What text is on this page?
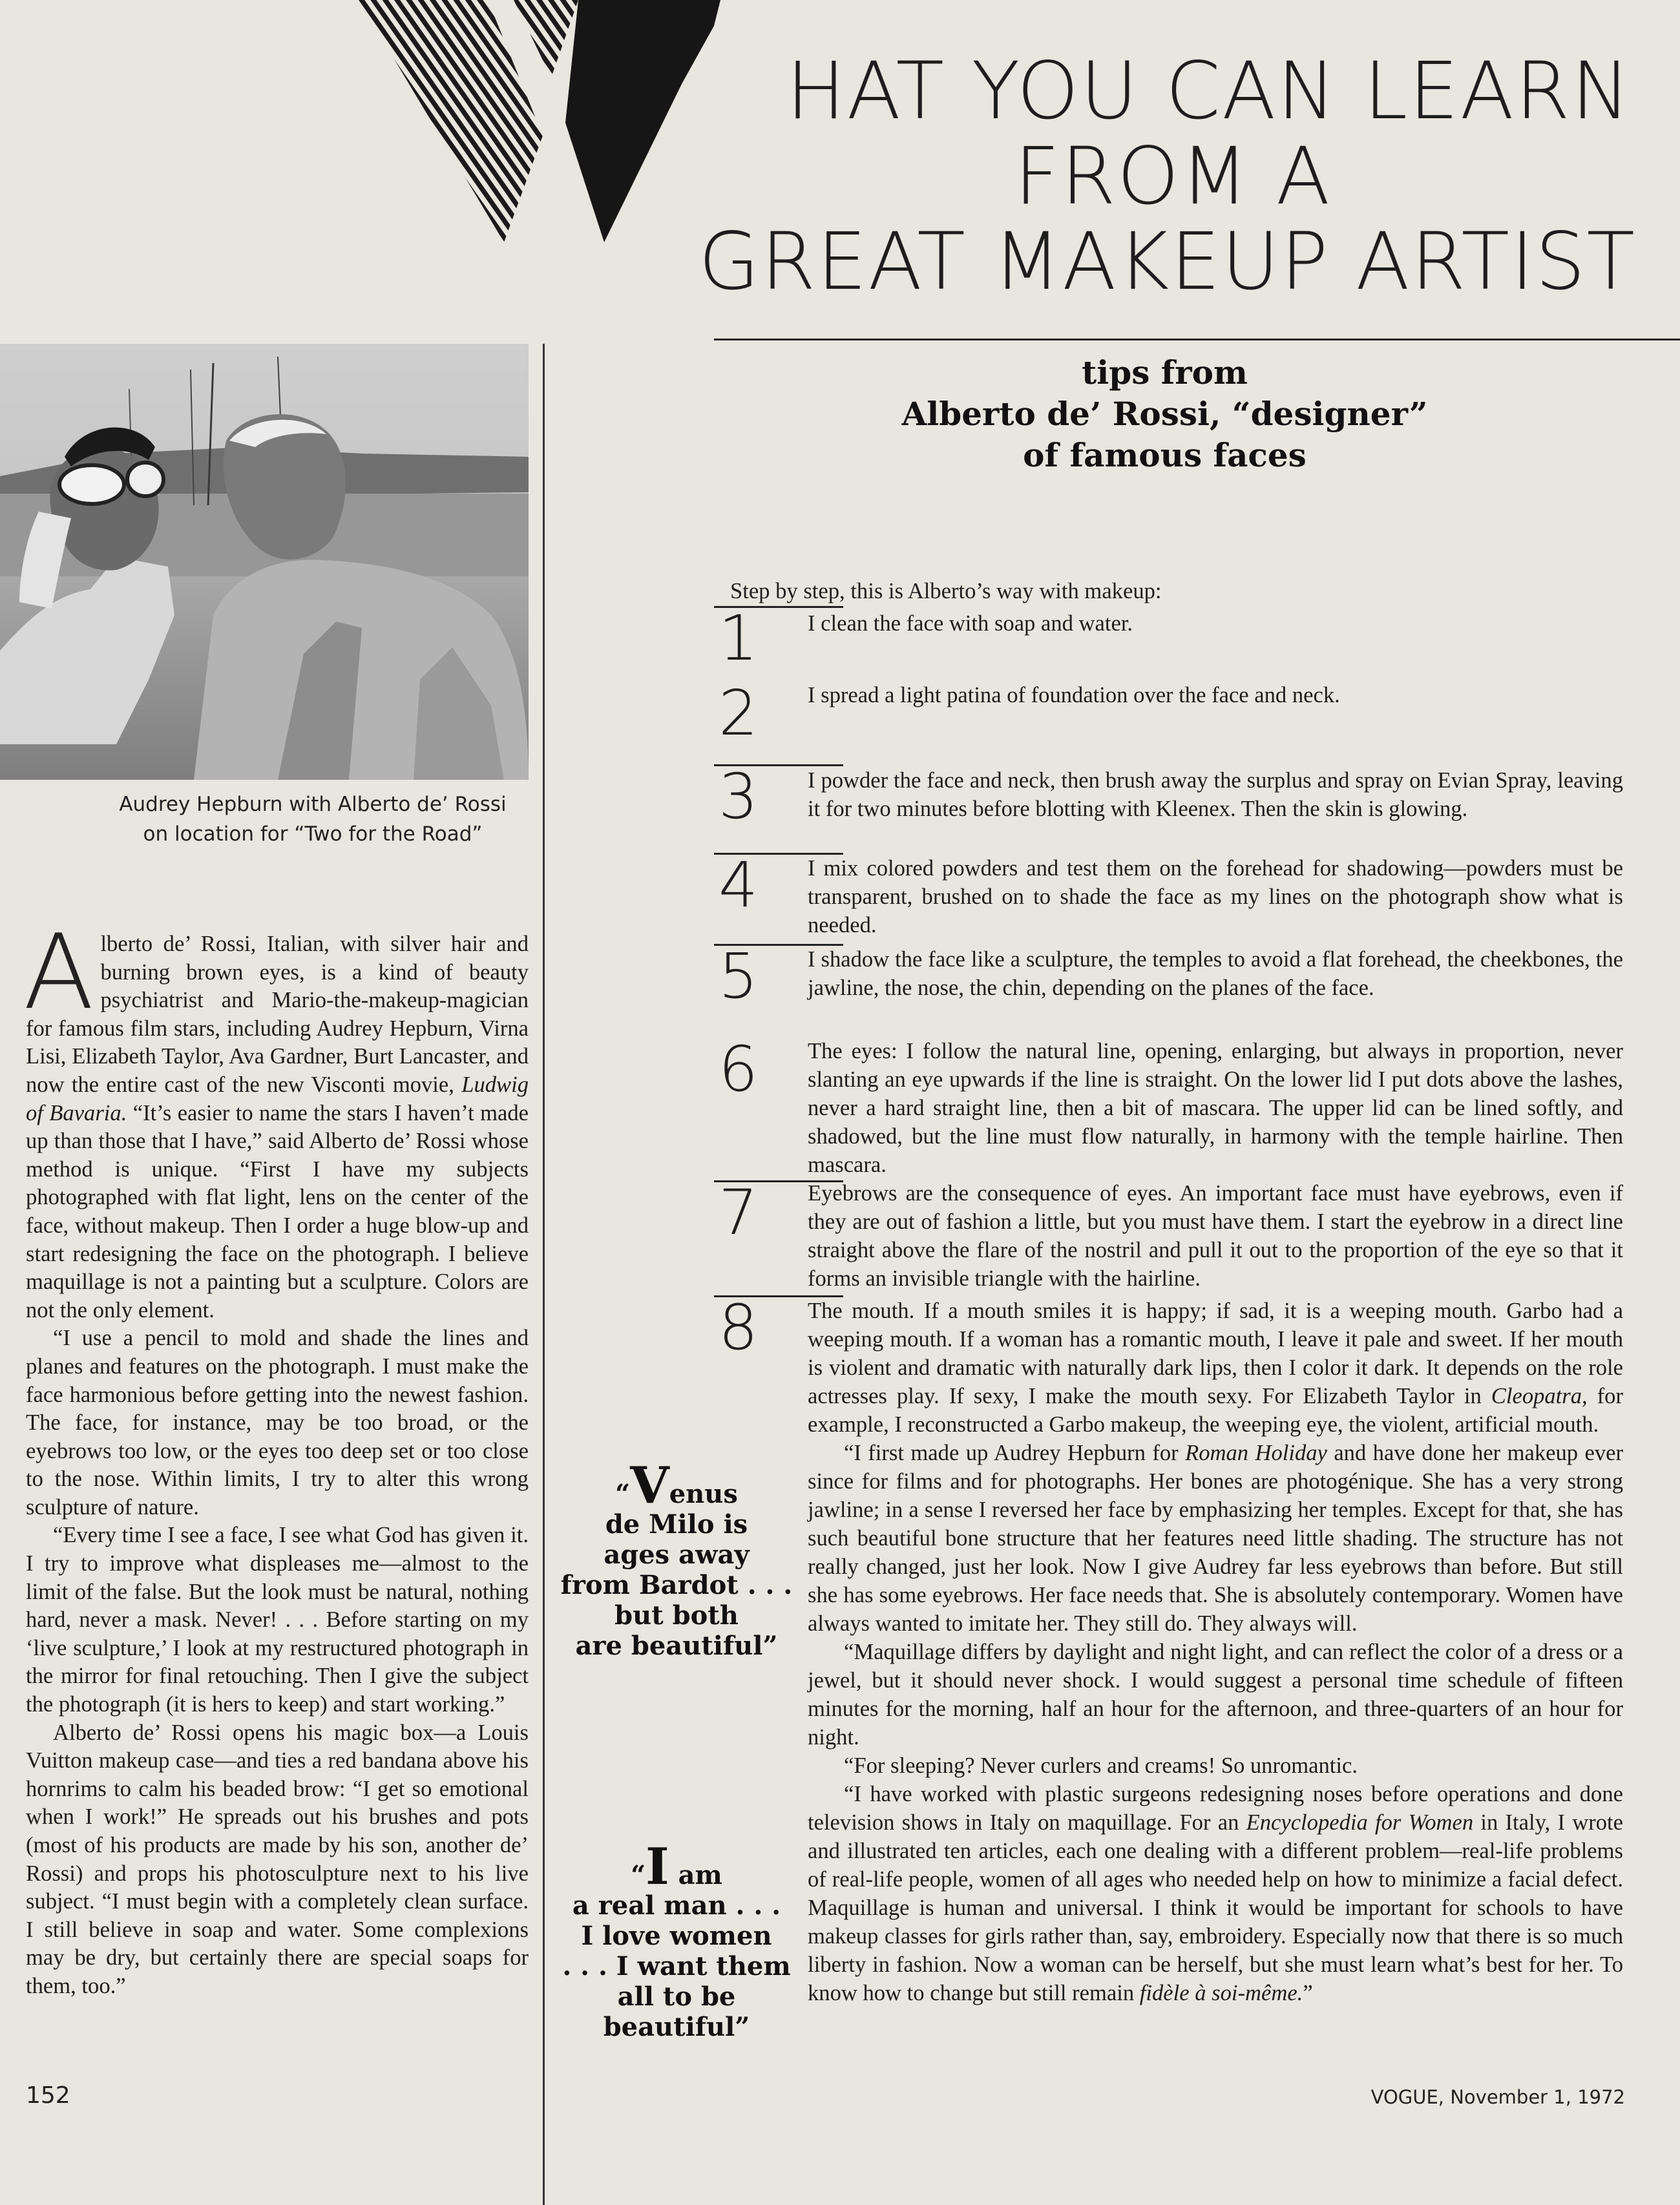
HAT YOU CAN LEARN
FROM A
GREAT MAKEUP ARTIST
tips from
Alberto de’ Rossi, “designer”
of famous faces
Audrey Hepburn with Alberto de’ Rossi
on location for “Two for the Road”

Alberto de’ Rossi, Italian, with silver hair and burning brown eyes, is a kind of beauty psychiatrist and Mario-the-makeup-magician for famous film stars, including Audrey Hepburn, Virna Lisi, Elizabeth Taylor, Ava Gardner, Burt Lancaster, and now the entire cast of the new Visconti movie, Ludwig of Bavaria. “It’s easier to name the stars I haven’t made up than those that I have,” said Alberto de’ Rossi whose method is unique. “First I have my subjects photographed with flat light, lens on the center of the face, without makeup. Then I order a huge blow-up and start redesigning the face on the photograph. I believe maquillage is not a painting but a sculpture. Colors are not the only element.

“I use a pencil to mold and shade the lines and planes and features on the photograph. I must make the face harmonious before getting into the newest fashion. The face, for instance, may be too broad, or the eyebrows too low, or the eyes too deep set or too close to the nose. Within limits, I try to alter this wrong sculpture of nature.

“Every time I see a face, I see what God has given it. I try to improve what displeases me—almost to the limit of the false. But the look must be natural, nothing hard, never a mask. Never! . . . Before starting on my ‘live sculpture,’ I look at my restructured photograph in the mirror for final retouching. Then I give the subject the photograph (it is hers to keep) and start working.”

Alberto de’ Rossi opens his magic box—a Louis Vuitton makeup case—and ties a red bandana above his hornrims to calm his beaded brow: “I get so emotional when I work!” He spreads out his brushes and pots (most of his products are made by his son, another de’ Rossi) and props his photosculpture next to his live subject. “I must begin with a completely clean surface. I still believe in soap and water. Some complexions may be dry, but certainly there are special soaps for them, too.”

“Venus
de Milo is
ages away
from Bardot . . .
but both
are beautiful”
“I am
a real man . . .
I love women
. . . I want them
all to be
beautiful”
Step by step, this is Alberto’s way with makeup:
1 I clean the face with soap and water.
2 I spread a light patina of foundation over the face and neck.
3 I powder the face and neck, then brush away the surplus and spray on Evian Spray, leaving it for two minutes before blotting with Kleenex. Then the skin is glowing.
4 I mix colored powders and test them on the forehead for shadowing—powders must be transparent, brushed on to shade the face as my lines on the photograph show what is needed.
5 I shadow the face like a sculpture, the temples to avoid a flat forehead, the cheekbones, the jawline, the nose, the chin, depending on the planes of the face.
6 The eyes: I follow the natural line, opening, enlarging, but always in proportion, never slanting an eye upwards if the line is straight. On the lower lid I put dots above the lashes, never a hard straight line, then a bit of mascara. The upper lid can be lined softly, and shadowed, but the line must flow naturally, in harmony with the temple hairline. Then mascara.
7 Eyebrows are the consequence of eyes. An important face must have eyebrows, even if they are out of fashion a little, but you must have them. I start the eyebrow in a direct line straight above the flare of the nostril and pull it out to the proportion of the eye so that it forms an invisible triangle with the hairline.
8 The mouth. If a mouth smiles it is happy; if sad, it is a weeping mouth. Garbo had a weeping mouth. If a woman has a romantic mouth, I leave it pale and sweet. If her mouth is violent and dramatic with naturally dark lips, then I color it dark. It depends on the role actresses play. If sexy, I make the mouth sexy. For Elizabeth Taylor in Cleopatra, for example, I reconstructed a Garbo makeup, the weeping eye, the violent, artificial mouth.

“I first made up Audrey Hepburn for Roman Holiday and have done her makeup ever since for films and for photographs. Her bones are photogénique. She has a very strong jawline; in a sense I reversed her face by emphasizing her temples. Except for that, she has such beautiful bone structure that her features need little shading. The structure has not really changed, just her look. Now I give Audrey far less eyebrows than before. But still she has some eyebrows. Her face needs that. She is absolutely contemporary. Women have always wanted to imitate her. They still do. They always will.

“Maquillage differs by daylight and night light, and can reflect the color of a dress or a jewel, but it should never shock. I would suggest a personal time schedule of fifteen minutes for the morning, half an hour for the afternoon, and three-quarters of an hour for night.

“For sleeping? Never curlers and creams! So unromantic.

“I have worked with plastic surgeons redesigning noses before operations and done television shows in Italy on maquillage. For an Encyclopedia for Women in Italy, I wrote and illustrated ten articles, each one dealing with a different problem—real-life problems of real-life people, women of all ages who needed help on how to minimize a facial defect. Maquillage is human and universal. I think it would be important for schools to have makeup classes for girls rather than, say, embroidery. Especially now that there is so much liberty in fashion. Now a woman can be herself, but she must learn what’s best for her. To know how to change but still remain fidèle à soi-même.”

152	VOGUE, November 1, 1972
